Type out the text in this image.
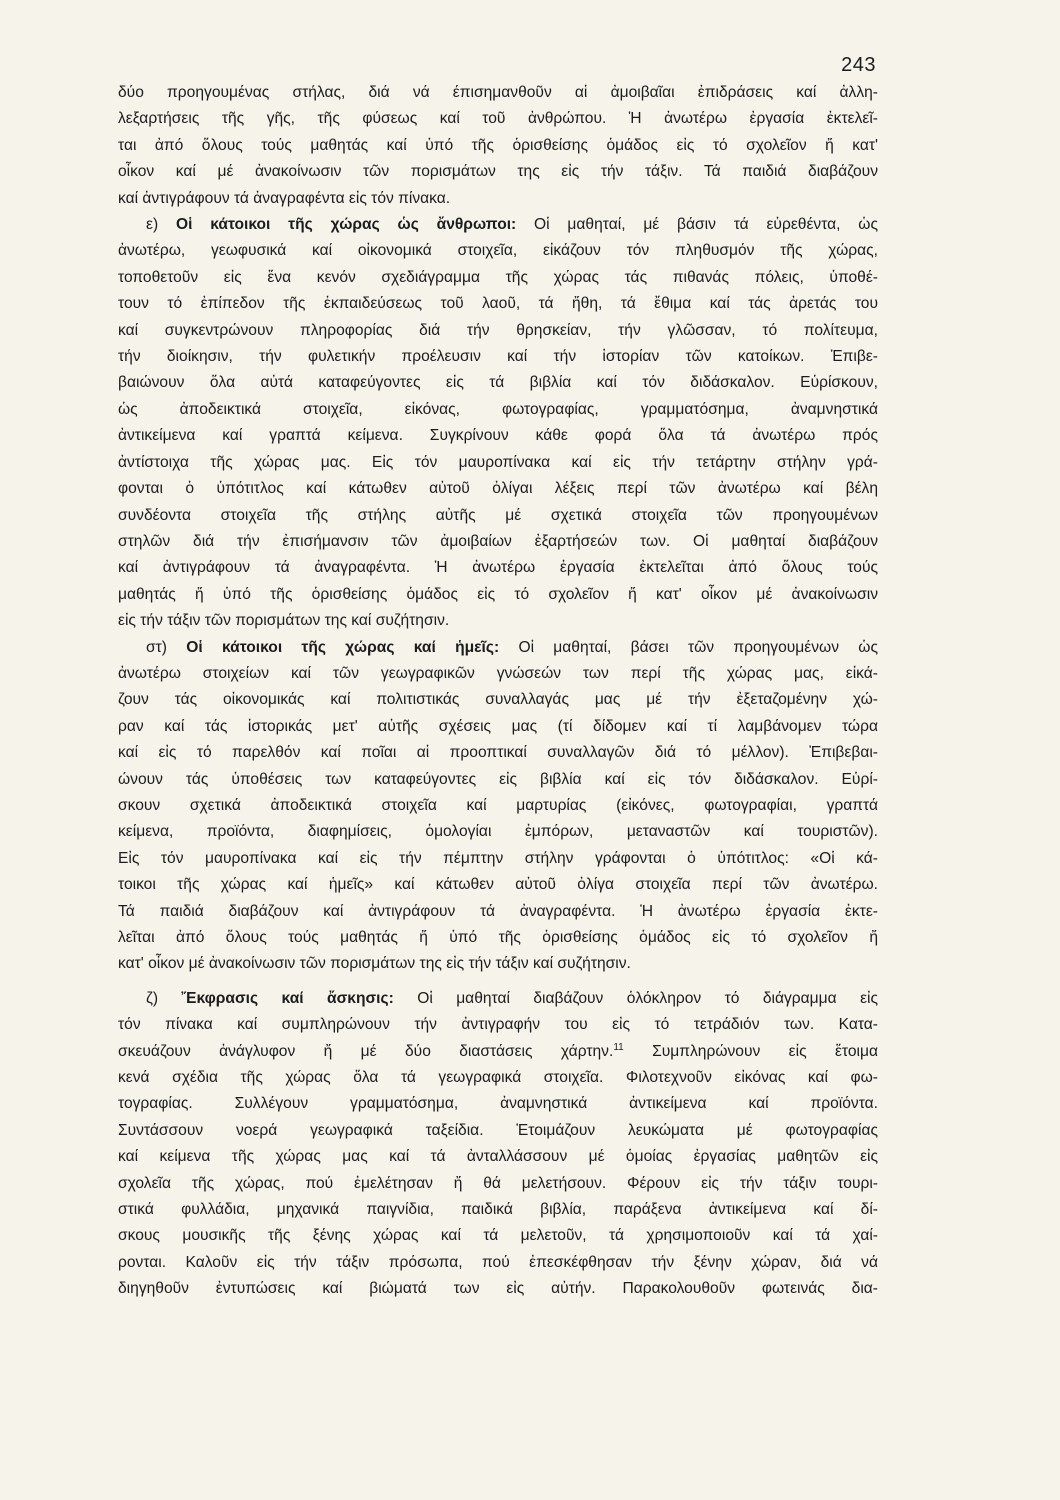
243

δύο προηγουμένας στήλας, διά νά έπισημανθοῦν αἱ ἀμοιβαῖαι ἐπιδράσεις καί ἀλλη-

λεξαρτήσεις τῆς γῆς, τῆς φύσεως καί τοῦ ἀνθρώπου. Ἡ ἀνωτέρω ἐργασία ἐκτελεῖ-

ται ἀπό ὅλους τούς μαθητάς καί ὑπό τῆς ὁρισθείσης ὁμάδος εἰς τό σχολεῖον ἤ κατ'

οἶκον καί μέ ἀνακοίνωσιν τῶν πορισμάτων της εἰς τήν τάξιν. Τά παιδιά διαβάζουν

καί ἀντιγράφουν τά ἀναγραφέντα εἰς τόν πίνακα.

ε) Οἱ κάτοικοι τῆς χώρας ὡς ἄνθρωποι: Οἱ μαθηταί, μέ βάσιν τά εὑρεθέντα, ὡς

ἀνωτέρω, γεωφυσικά καί οἰκονομικά στοιχεῖα, εἰκάζουν τόν πληθυσμόν τῆς χώρας,

τοποθετοῦν εἰς ἕνα κενόν σχεδιάγραμμα τῆς χώρας τάς πιθανάς πόλεις, ὑποθέ-

τουν τό ἐπίπεδον τῆς ἐκπαιδεύσεως τοῦ λαοῦ, τά ἤθη, τά ἔθιμα καί τάς ἀρετάς του

καί συγκεντρώνουν πληροφορίας διά τήν θρησκείαν, τήν γλῶσσαν, τό πολίτευμα,

τήν διοίκησιν, τήν φυλετικήν προέλευσιν καί τήν ἱστορίαν τῶν κατοίκων. Ἐπιβε-

βαιώνουν ὅλα αὐτά καταφεύγοντες εἰς τά βιβλία καί τόν διδάσκαλον. Εὑρίσκουν,

ὡς ἀποδεικτικά στοιχεῖα, εἰκόνας, φωτογραφίας, γραμματόσημα, ἀναμνηστικά

ἀντικείμενα καί γραπτά κείμενα. Συγκρίνουν κάθε φορά ὅλα τά ἀνωτέρω πρός

ἀντίστοιχα τῆς χώρας μας. Εἰς τόν μαυροπίνακα καί εἰς τήν τετάρτην στήλην γρά-

φονται ὁ ὑπότιτλος καί κάτωθεν αὐτοῦ ὀλίγαι λέξεις περί τῶν ἀνωτέρω καί βέλη

συνδέοντα στοιχεῖα τῆς στήλης αὐτῆς μέ σχετικά στοιχεῖα τῶν προηγουμένων

στηλῶν διά τήν ἐπισήμανσιν τῶν ἀμοιβαίων ἐξαρτήσεών των. Οἱ μαθηταί διαβάζουν

καί ἀντιγράφουν τά ἀναγραφέντα. Ἡ ἀνωτέρω ἐργασία ἐκτελεῖται ἀπό ὅλους τούς

μαθητάς ἤ ὑπό τῆς ὁρισθείσης ὁμάδος εἰς τό σχολεῖον ἤ κατ' οἶκον μέ ἀνακοίνωσιν

εἰς τήν τάξιν τῶν πορισμάτων της καί συζήτησιν.

στ) Οἱ κάτοικοι τῆς χώρας καί ἡμεῖς: Οἱ μαθηταί, βάσει τῶν προηγουμένων ὡς

ἀνωτέρω στοιχείων καί τῶν γεωγραφικῶν γνώσεών των περί τῆς χώρας μας, εἰκά-

ζουν τάς οἰκονομικάς καί πολιτιστικάς συναλλαγάς μας μέ τήν ἐξεταζομένην χώ-

ραν καί τάς ἱστορικάς μετ' αὐτῆς σχέσεις μας (τί δίδομεν καί τί λαμβάνομεν τώρα

καί εἰς τό παρελθόν καί ποῖαι αἱ προοπτικαί συναλλαγῶν διά τό μέλλον). Ἐπιβεβαι-

ώνουν τάς ὑποθέσεις των καταφεύγοντες εἰς βιβλία καί εἰς τόν διδάσκαλον. Εὑρί-

σκουν σχετικά ἀποδεικτικά στοιχεῖα καί μαρτυρίας (εἰκόνες, φωτογραφίαι, γραπτά

κείμενα, προϊόντα, διαφημίσεις, ὁμολογίαι ἐμπόρων, μεταναστῶν καί τουριστῶν).

Εἰς τόν μαυροπίνακα καί εἰς τήν πέμπτην στήλην γράφονται ὁ ὑπότιτλος: «Οἱ κά-

τοικοι τῆς χώρας καί ἡμεῖς» καί κάτωθεν αὐτοῦ ὀλίγα στοιχεῖα περί τῶν ἀνωτέρω.

Τά παιδιά διαβάζουν καί ἀντιγράφουν τά ἀναγραφέντα. Ἡ ἀνωτέρω ἐργασία ἐκτε-

λεῖται ἀπό ὅλους τούς μαθητάς ἤ ὑπό τῆς ὁρισθείσης ὁμάδος εἰς τό σχολεῖον ἤ

κατ' οἶκον μέ ἀνακοίνωσιν τῶν πορισμάτων της εἰς τήν τάξιν καί συζήτησιν.

ζ) Ἔκφρασις καί ἄσκησις: Οἱ μαθηταί διαβάζουν ὁλόκληρον τό διάγραμμα εἰς

τόν πίνακα καί συμπληρώνουν τήν ἀντιγραφήν του εἰς τό τετράδιόν των. Κατα-

σκευάζουν ἀνάγλυφον ἤ μέ δύο διαστάσεις χάρτην.$^{11}$ Συμπληρώνουν εἰς ἕτοιμα

κενά σχέδια τῆς χώρας ὅλα τά γεωγραφικά στοιχεῖα. Φιλοτεχνοῦν εἰκόνας καί φω-

τογραφίας. Συλλέγουν γραμματόσημα, ἀναμνηστικά ἀντικείμενα καί προϊόντα.

Συντάσσουν νοερά γεωγραφικά ταξείδια. Ἑτοιμάζουν λευκώματα μέ φωτογραφίας

καί κείμενα τῆς χώρας μας καί τά ἀνταλλάσσουν μέ ὁμοίας ἐργασίας μαθητῶν εἰς

σχολεῖα τῆς χώρας, πού ἐμελέτησαν ἤ θά μελετήσουν. Φέρουν εἰς τήν τάξιν τουρι-

στικά φυλλάδια, μηχανικά παιγνίδια, παιδικά βιβλία, παράξενα ἀντικείμενα καί δί-

σκους μουσικῆς τῆς ξένης χώρας καί τά μελετοῦν, τά χρησιμοποιοῦν καί τά χαί-

ρονται. Καλοῦν εἰς τήν τάξιν πρόσωπα, πού ἐπεσκέφθησαν τήν ξένην χώραν, διά νά

διηγηθοῦν ἐντυπώσεις καί βιώματά των εἰς αὐτήν. Παρακολουθοῦν φωτεινάς δια-
